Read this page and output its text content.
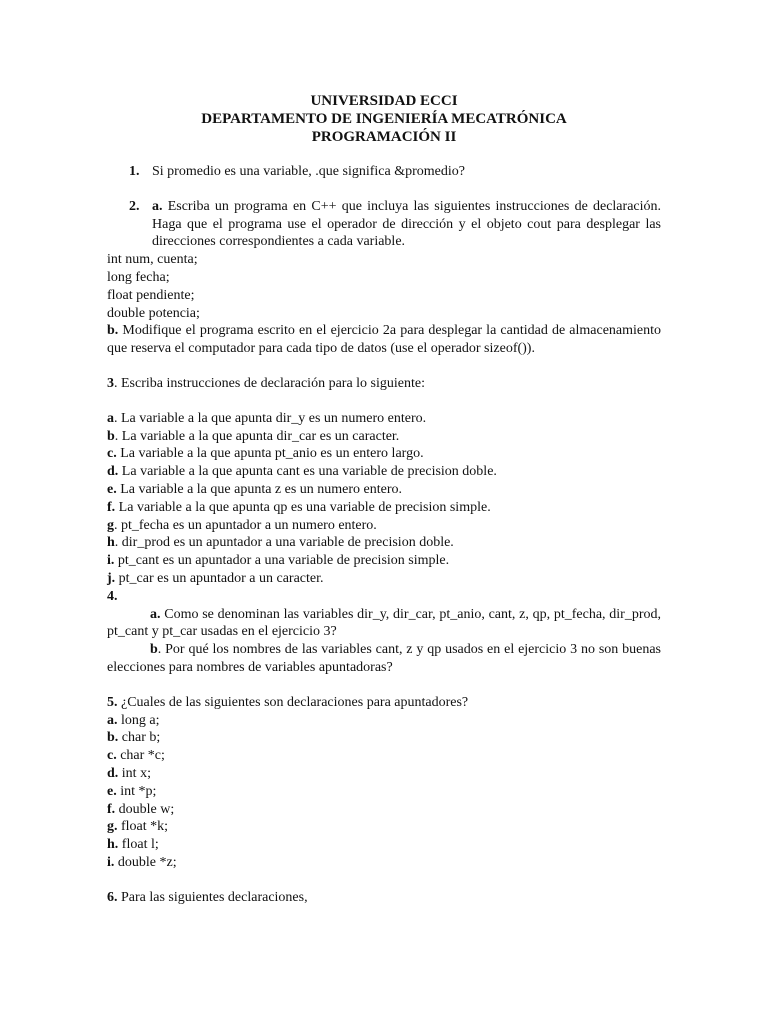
UNIVERSIDAD ECCI
DEPARTAMENTO DE INGENIERÍA MECATRÓNICA
PROGRAMACIÓN II
1. Si promedio es una variable, .que significa &promedio?
2. a. Escriba un programa en C++ que incluya las siguientes instrucciones de declaración. Haga que el programa use el operador de dirección y el objeto cout para desplegar las direcciones correspondientes a cada variable.
int num, cuenta;
long fecha;
float pendiente;
double potencia;
b. Modifique el programa escrito en el ejercicio 2a para desplegar la cantidad de almacenamiento que reserva el computador para cada tipo de datos (use el operador sizeof()).
3. Escriba instrucciones de declaración para lo siguiente:
a. La variable a la que apunta dir_y es un numero entero.
b. La variable a la que apunta dir_car es un caracter.
c. La variable a la que apunta pt_anio es un entero largo.
d. La variable a la que apunta cant es una variable de precision doble.
e. La variable a la que apunta z es un numero entero.
f. La variable a la que apunta qp es una variable de precision simple.
g. pt_fecha es un apuntador a un numero entero.
h. dir_prod es un apuntador a una variable de precision doble.
i. pt_cant es un apuntador a una variable de precision simple.
j. pt_car es un apuntador a un caracter.
4.
a. Como se denominan las variables dir_y, dir_car, pt_anio, cant, z, qp, pt_fecha, dir_prod, pt_cant y pt_car usadas en el ejercicio 3?
b. Por qué los nombres de las variables cant, z y qp usados en el ejercicio 3 no son buenas elecciones para nombres de variables apuntadoras?
5. ¿Cuales de las siguientes son declaraciones para apuntadores?
a. long a;
b. char b;
c. char *c;
d. int x;
e. int *p;
f. double w;
g. float *k;
h. float l;
i. double *z;
6. Para las siguientes declaraciones,
